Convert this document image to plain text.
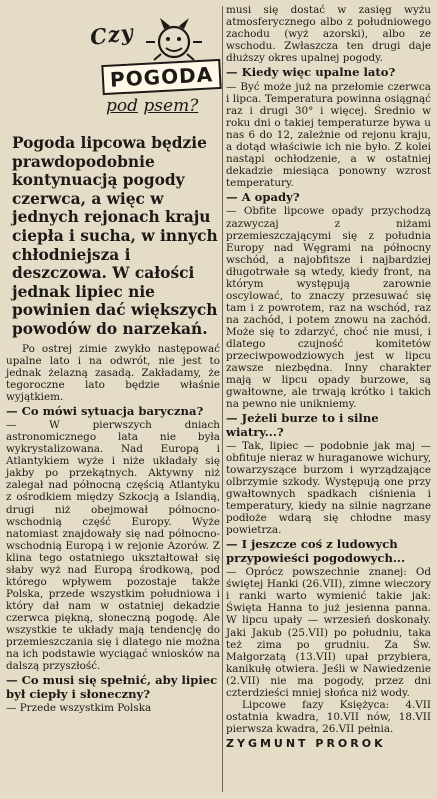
Czy
POGODA
pod psem?

Pogoda lipcowa będzie prawdopodobnie kontynuacją pogody czerwca, a więc w jednych rejonach kraju ciepła i sucha, w innych chłodniejsza i deszczowa. W całości jednak lipiec nie powinien dać większych powodów do narzekań.

Po ostrej zimie zwykło następować upalne lato i na odwrót, nie jest to jednak żelazną zasadą. Zakładamy, że tegoroczne lato będzie właśnie wyjątkiem.

— Co mówi sytuacja baryczna?

— W pierwszych dniach astronomicznego lata nie była wykrystalizowana. Nad Europą i Atlantykiem wyże i niże układały się jakby po przekątnych. Aktywny niż zalegał nad północną częścią Atlantyku z ośrodkiem między Szkocją a Islandią, drugi niż obejmował północno-wschodnią część Europy. Wyże natomiast znajdowały się nad północno-wschodnią Europą i w rejonie Azorów. Z klina tego ostatniego ukształtował się słaby wyż nad Europą środkową, pod którego wpływem pozostaje także Polska, przede wszystkim południowa i który dał nam w ostatniej dekadzie czerwca piękną, słoneczną pogodę. Ale wszystkie te układy mają tendencję do przemieszczania się i dlatego nie można na ich podstawie wyciągać wniosków na dalszą przyszłość.

— Co musi się spełnić, aby lipiec był ciepły i słoneczny?

— Przede wszystkim Polska

musi się dostać w zasięg wyżu atmosferycznego albo z południowego zachodu (wyż azorski), albo ze wschodu. Zwłaszcza ten drugi daje dłuższy okres upalnej pogody.

— Kiedy więc upalne lato?

— Być może już na przełomie czerwca i lipca. Temperatura powinna osiągnąć raz i drugi 30° i więcej. Średnio w roku dni o takiej temperaturze bywa u nas 6 do 12, zależnie od rejonu kraju, a dotąd właściwie ich nie było. Z kolei nastąpi ochłodzenie, a w ostatniej dekadzie miesiąca ponowny wzrost temperatury.

— A opady?

— Obfite lipcowe opady przychodzą zazwyczaj z niżami przemieszczającymi się z południa Europy nad Węgrami na północny wschód, a najobfitsze i najbardziej długotrwałe są wtedy, kiedy front, na którym występują zarownie oscylować, to znaczy przesuwać się tam i z powrotem, raz na wschód, raz na zachód, i potem znowu na zachód. Może się to zdarzyć, choć nie musi, i dlatego czujność komitetów przeciwpowodziowych jest w lipcu zawsze niezbędna. Inny charakter mają w lipcu opady burzowe, są gwałtowne, ale trwają krótko i takich na pewno nie unikniemy.

— Jeżeli burze to i silne wiatry...?

— Tak, lipiec — podobnie jak maj — obfituje nieraz w huraganowe wichury, towarzyszące burzom i wyrządzające olbrzymie szkody. Występują one przy gwałtownych spadkach ciśnienia i temperatury, kiedy na silnie nagrzane podłoże wdarą się chłodne masy powietrza.

— I jeszcze coś z ludowych przypowieści pogodowych...

— Oprócz powszechnie znanej: Od świętej Hanki (26.VII), zimne wieczory i ranki warto wymienić takie jak: Święta Hanna to już jesienna panna. W lipcu upały — wrzesień doskonały. Jaki Jakub (25.VII) po południu, taka też zima po grudniu. Za Św. Małgorzatą (13.VII) upał przybiera, kanikułę otwiera. Jeśli w Nawiedzenie (2.VII) nie ma pogody, przez dni czterdzieści mniej słońca niż wody.

Lipcowe fazy Księżyca: 4.VII ostatnia kwadra, 10.VII nów, 18.VII pierwsza kwadra, 26.VII pełnia.

ZYGMUNT PROROK
